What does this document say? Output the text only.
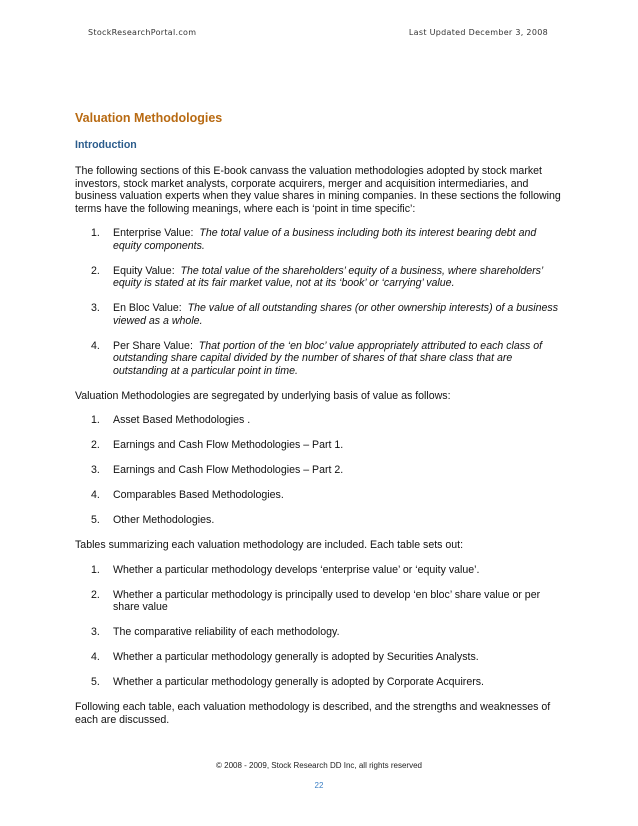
StockResearchPortal.com	Last Updated December 3, 2008
Valuation Methodologies
Introduction

The following sections of this E-book canvass the valuation methodologies adopted by stock market investors, stock market analysts, corporate acquirers, merger and acquisition intermediaries, and business valuation experts when they value shares in mining companies. In these sections the following terms have the following meanings, where each is ‘point in time specific’:

1. Enterprise Value: The total value of a business including both its interest bearing debt and equity components.
2. Equity Value: The total value of the shareholders’ equity of a business, where shareholders’ equity is stated at its fair market value, not at its ‘book’ or ‘carrying’ value.
3. En Bloc Value: The value of all outstanding shares (or other ownership interests) of a business viewed as a whole.
4. Per Share Value: That portion of the ‘en bloc’ value appropriately attributed to each class of outstanding share capital divided by the number of shares of that share class that are outstanding at a particular point in time.

Valuation Methodologies are segregated by underlying basis of value as follows:

1. Asset Based Methodologies .
2. Earnings and Cash Flow Methodologies – Part 1.
3. Earnings and Cash Flow Methodologies – Part 2.
4. Comparables Based Methodologies.
5. Other Methodologies.

Tables summarizing each valuation methodology are included. Each table sets out:

1. Whether a particular methodology develops ‘enterprise value’ or ‘equity value’.
2. Whether a particular methodology is principally used to develop ‘en bloc’ share value or per share value
3. The comparative reliability of each methodology.
4. Whether a particular methodology generally is adopted by Securities Analysts.
5. Whether a particular methodology generally is adopted by Corporate Acquirers.

Following each table, each valuation methodology is described, and the strengths and weaknesses of each are discussed.

© 2008 - 2009, Stock Research DD Inc, all rights reserved
22
